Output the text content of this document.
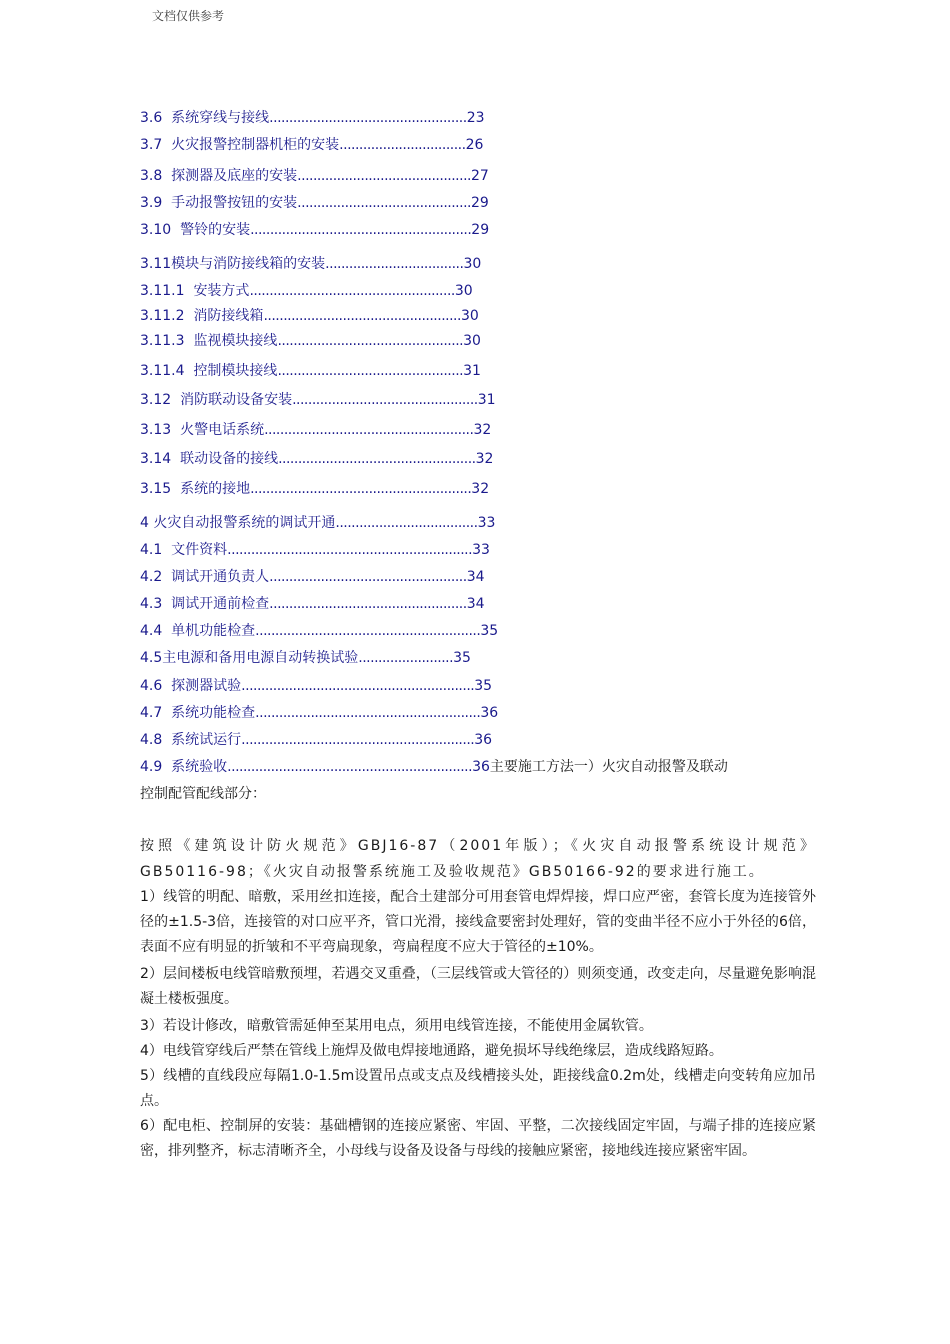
文档仅供参考
3.6 系统穿线与接线..................................................23
3.7 火灾报警控制器机柜的安装................................26
3.8 探测器及底座的安装............................................27
3.9 手动报警按钮的安装............................................29
3.10 警铃的安装........................................................29
3.11模块与消防接线箱的安装...................................30
3.11.1 安装方式....................................................30
3.11.2 消防接线箱..................................................30
3.11.3 监视模块接线...............................................30
3.11.4 控制模块接线...............................................31
3.12 消防联动设备安装...............................................31
3.13 火警电话系统.....................................................32
3.14 联动设备的接线..................................................32
3.15 系统的接地........................................................32
4 火灾自动报警系统的调试开通....................................33
4.1 文件资料..............................................................33
4.2 调试开通负责人..................................................34
4.3 调试开通前检查..................................................34
4.4 单机功能检查.........................................................35
4.5主电源和备用电源自动转换试验........................35
4.6 探测器试验...........................................................35
4.7 系统功能检查.........................................................36
4.8 系统试运行...........................................................36
4.9 系统验收..............................................................36主要施工方法一）火灾自动报警及联动

控制配管配线部分：

按照《建筑设计防火规范》GBJ16-87（2001年版）；《火灾自动报警系统设计规范》GB50116-98；《火灾自动报警系统施工及验收规范》GB50166-92的要求进行施工。

1）线管的明配、暗敷，采用丝扣连接，配合土建部分可用套管电焊焊接，焊口应严密，套管长度为连接管外径的±1.5-3倍，连接管的对口应平齐，管口光滑，接线盒要密封处理好，管的变曲半径不应小于外径的6倍，表面不应有明显的折皱和不平弯扁现象，弯扁程度不应大于管径的±10%。

2）层间楼板电线管暗敷预埋，若遇交叉重叠，（三层线管或大管径的）则须变通，改变走向，尽量避免影响混凝土楼板强度。

3）若设计修改，暗敷管需延伸至某用电点，须用电线管连接，不能使用金属软管。

4）电线管穿线后严禁在管线上施焊及做电焊接地通路，避免损坏导线绝缘层，造成线路短路。

5）线槽的直线段应每隔1.0-1.5m设置吊点或支点及线槽接头处，距接线盒0.2m处，线槽走向变转角应加吊点。

6）配电柜、控制屏的安装：基础槽钢的连接应紧密、牢固、平整，二次接线固定牢固，与端子排的连接应紧密，排列整齐，标志清晰齐全，小母线与设备及设备与母线的接触应紧密，接地线连接应紧密牢固。
